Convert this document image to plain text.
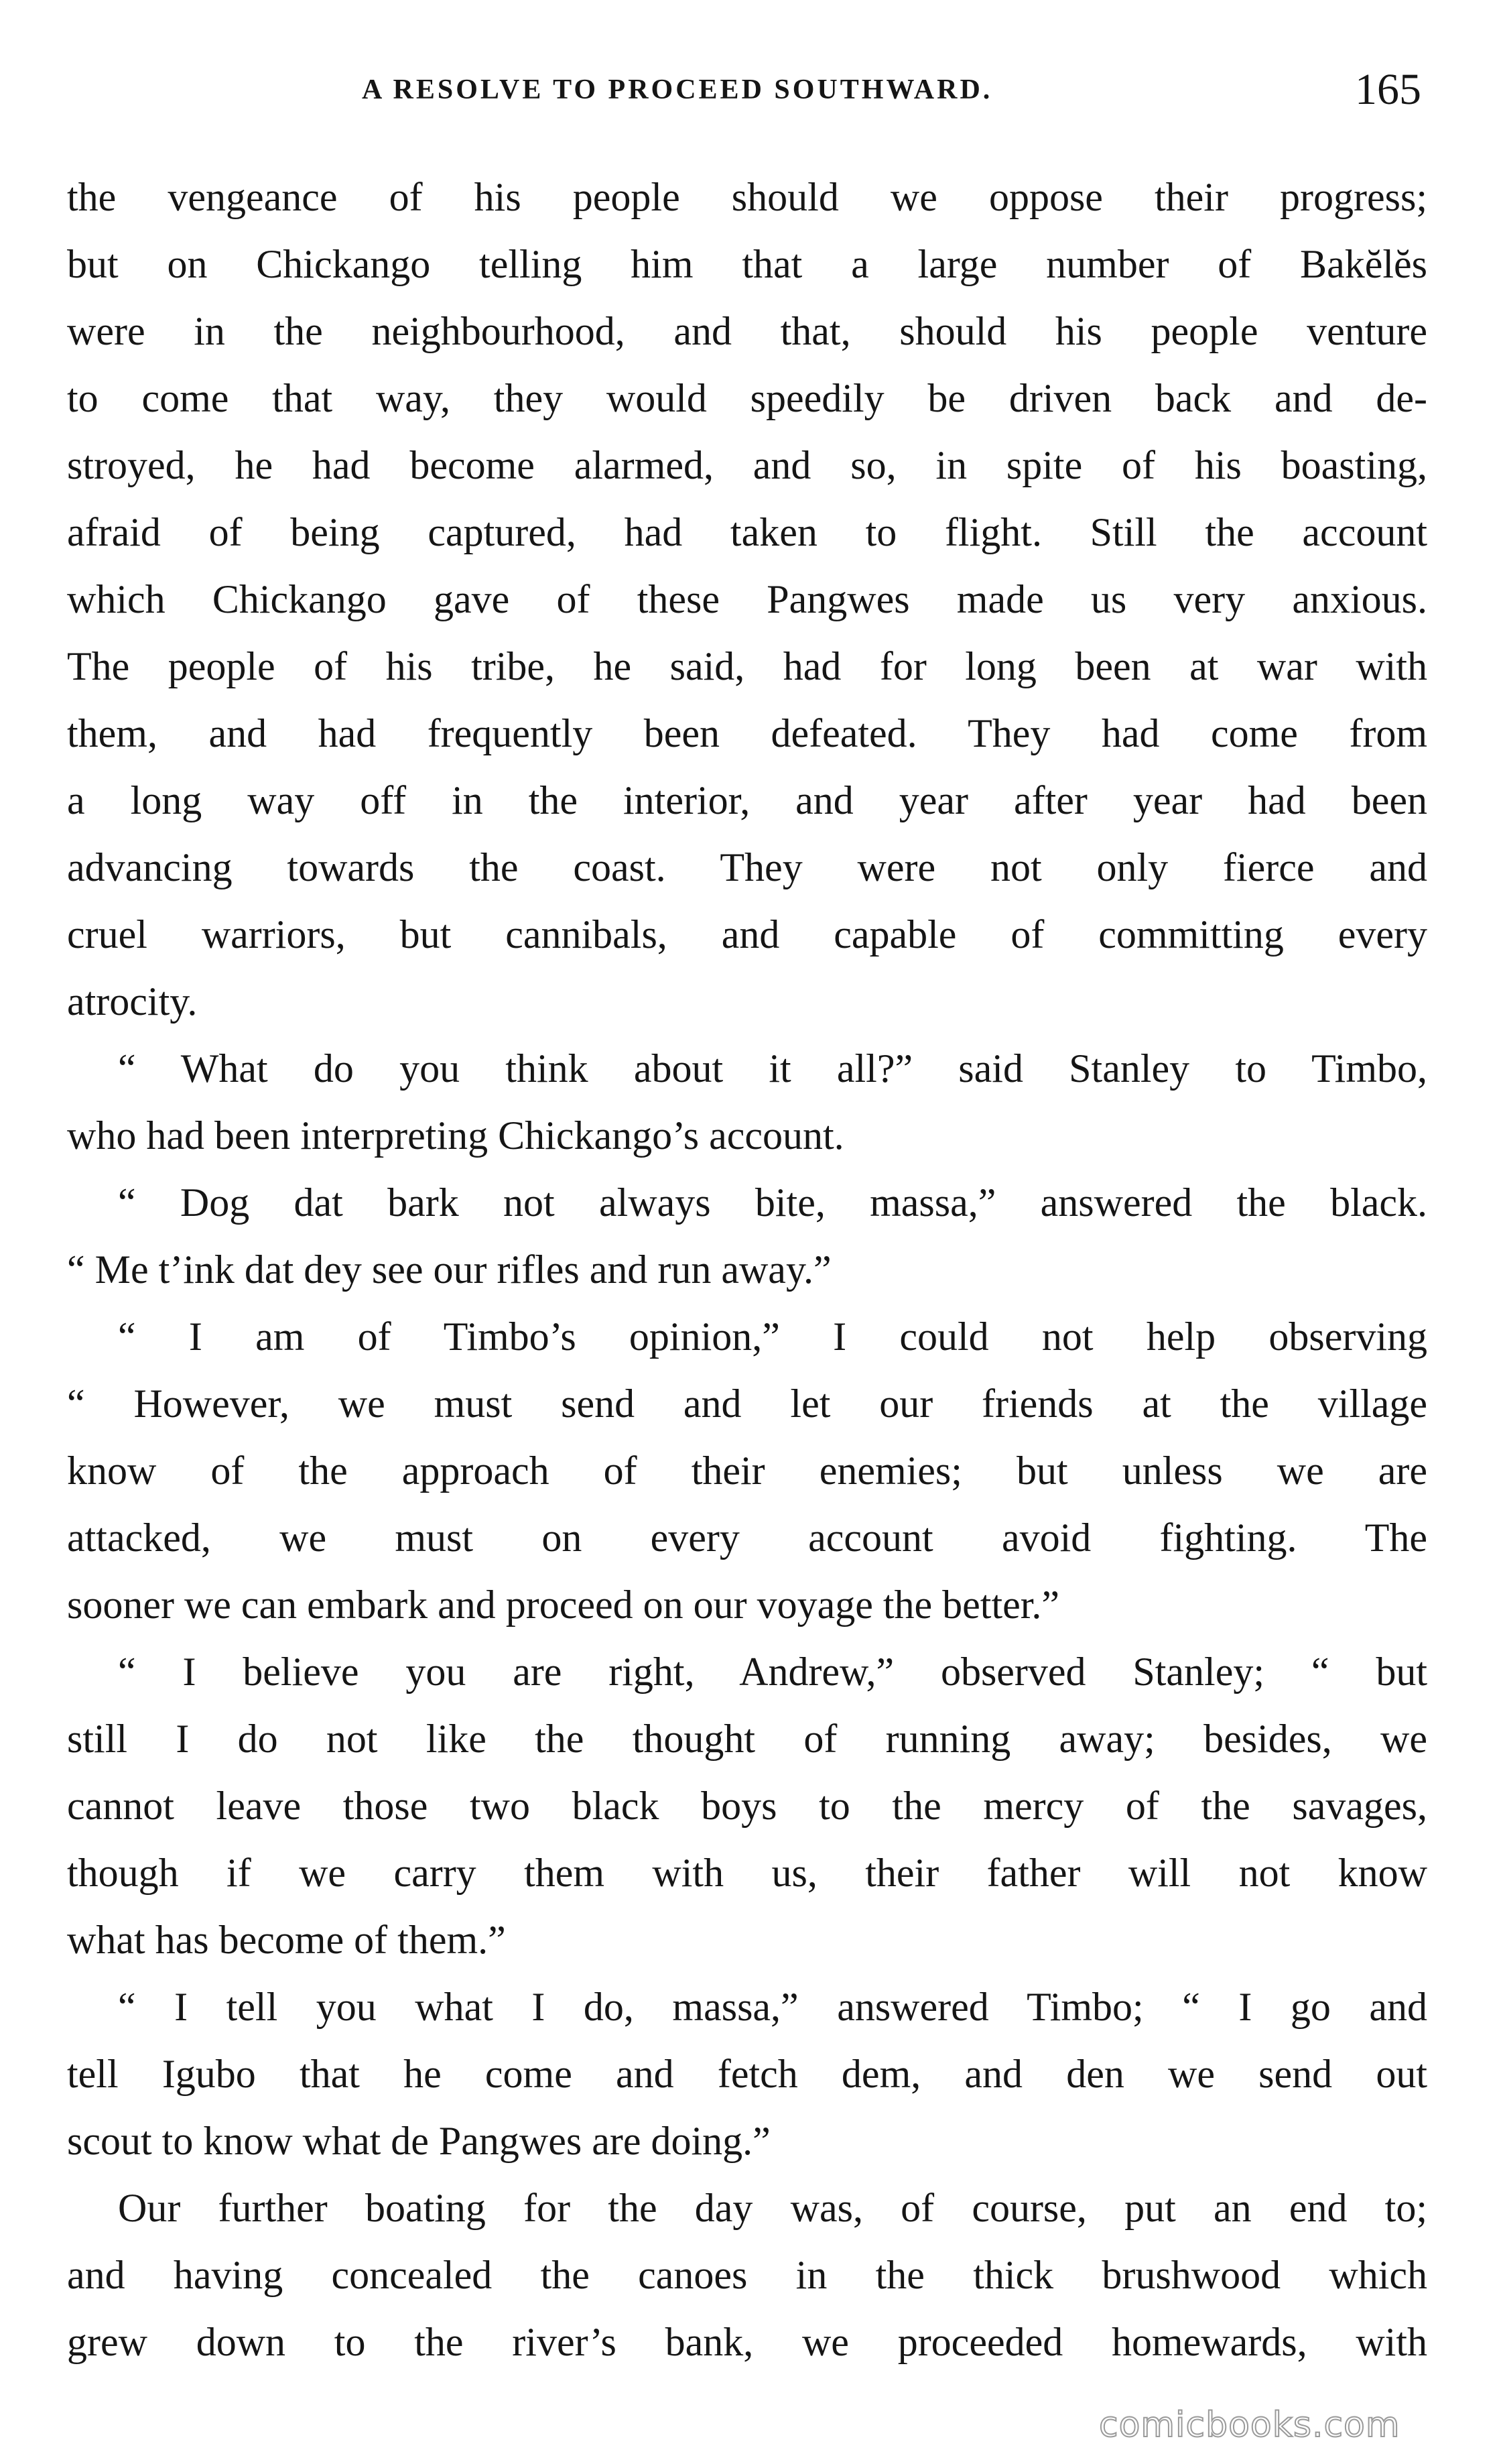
A RESOLVE TO PROCEED SOUTHWARD.	165
the vengeance of his people should we oppose their progress;
but on Chickango telling him that a large number of Bakĕlĕs
were in the neighbourhood, and that, should his people venture
to come that way, they would speedily be driven back and de-
stroyed, he had become alarmed, and so, in spite of his boasting,
afraid of being captured, had taken to flight. Still the account
which Chickango gave of these Pangwes made us very anxious.
The people of his tribe, he said, had for long been at war with
them, and had frequently been defeated. They had come from
a long way off in the interior, and year after year had been
advancing towards the coast. They were not only fierce and
cruel warriors, but cannibals, and capable of committing every
atrocity.
“ What do you think about it all?” said Stanley to Timbo,
who had been interpreting Chickango’s account.
“ Dog dat bark not always bite, massa,” answered the black.
“ Me t’ink dat dey see our rifles and run away.”
“ I am of Timbo’s opinion,” I could not help observing
“ However, we must send and let our friends at the village
know of the approach of their enemies; but unless we are
attacked, we must on every account avoid fighting. The
sooner we can embark and proceed on our voyage the better.”
“ I believe you are right, Andrew,” observed Stanley; “ but
still I do not like the thought of running away; besides, we
cannot leave those two black boys to the mercy of the savages,
though if we carry them with us, their father will not know
what has become of them.”
“ I tell you what I do, massa,” answered Timbo; “ I go and
tell Igubo that he come and fetch dem, and den we send out
scout to know what de Pangwes are doing.”
Our further boating for the day was, of course, put an end to;
and having concealed the canoes in the thick brushwood which
grew down to the river’s bank, we proceeded homewards, with
comicbooks.com
